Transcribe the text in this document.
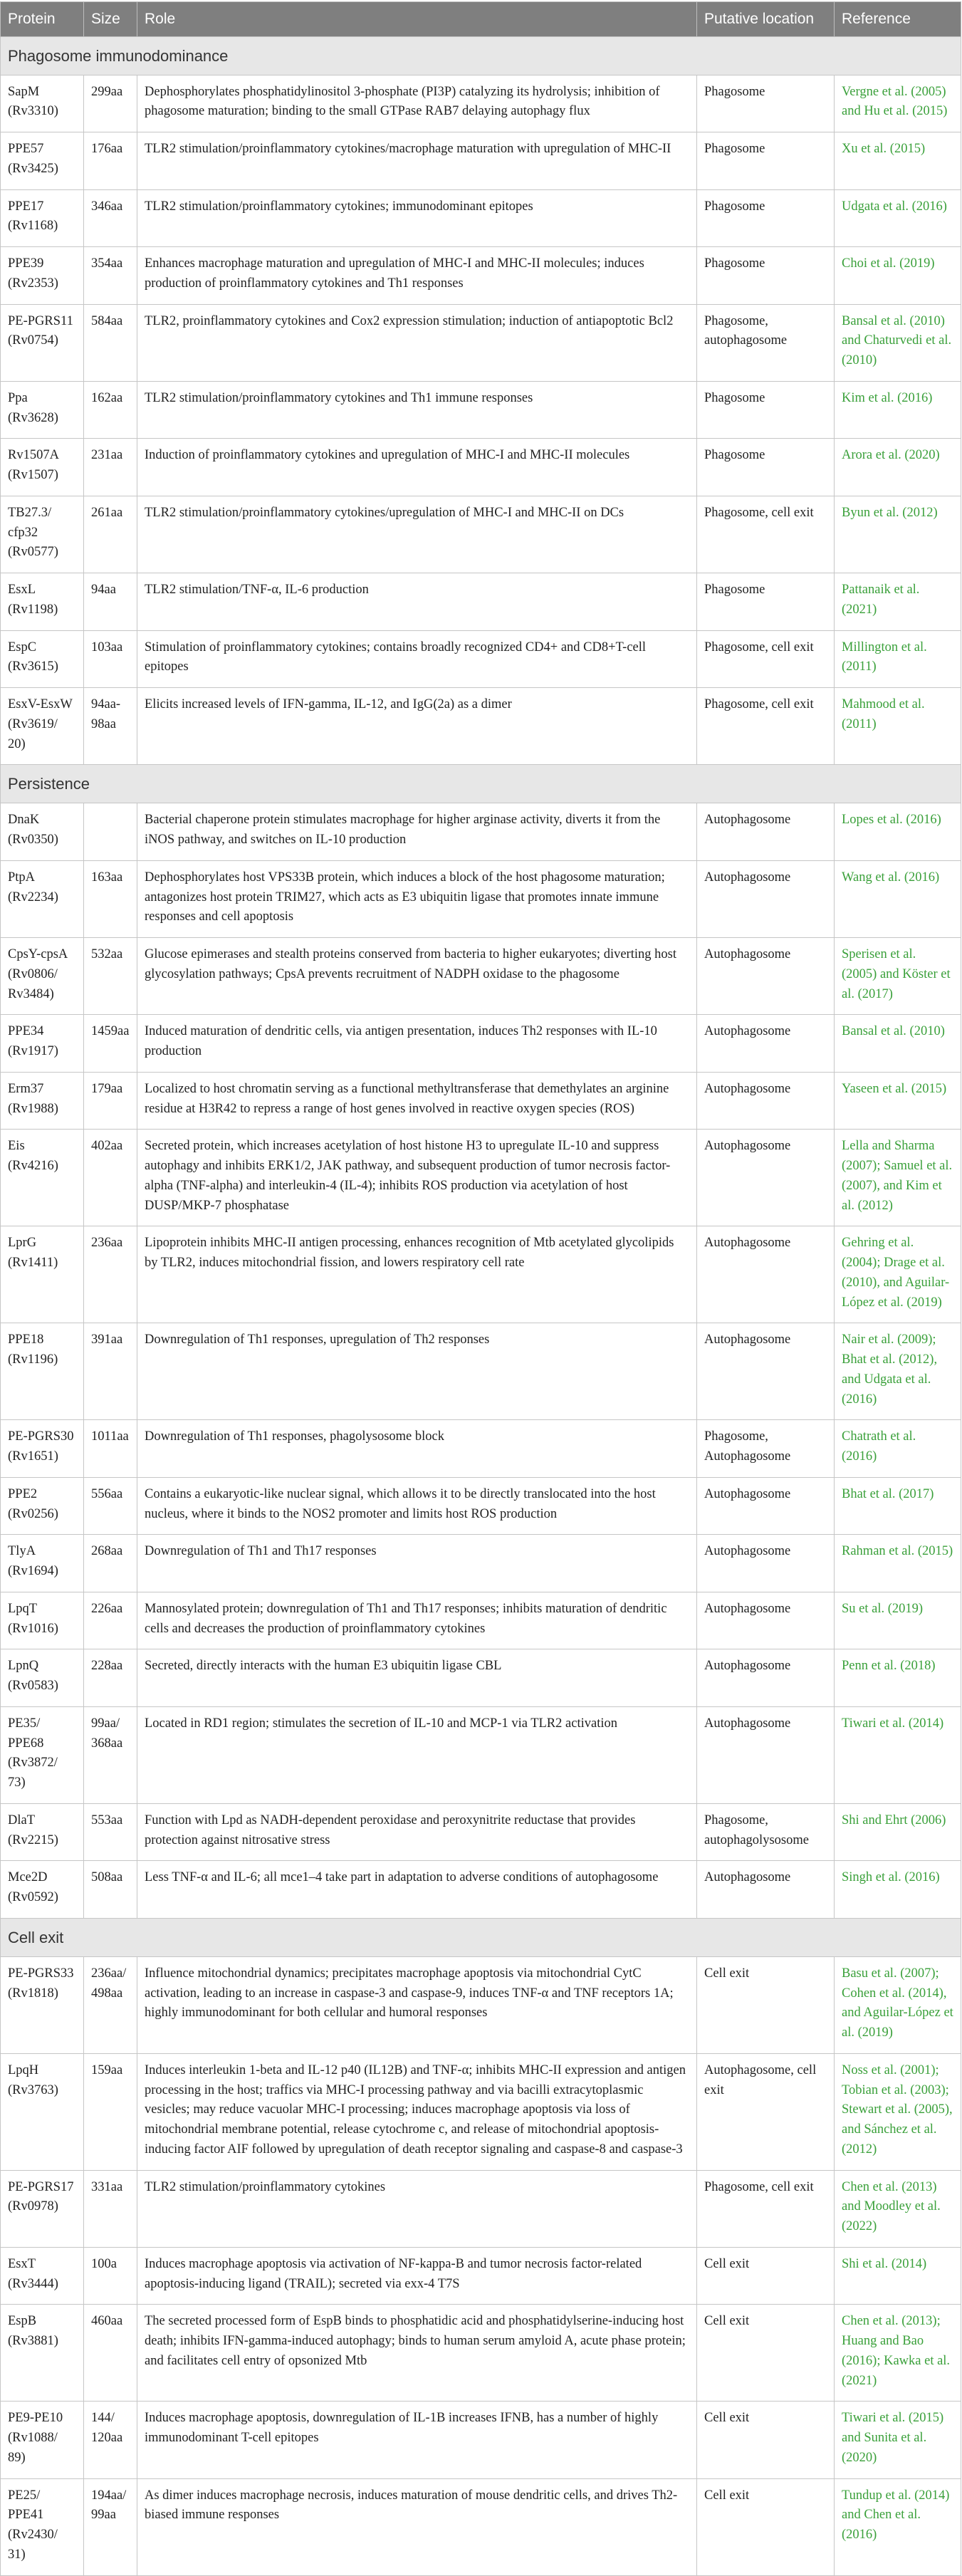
Protein	Size	Role	Putative location	Reference
Phagosome immunodominance				
SapM (Rv3310)	299aa	Dephosphorylates phosphatidylinositol 3-phosphate (PI3P) catalyzing its hydrolysis; inhibition of phagosome maturation; binding to the small GTPase RAB7 delaying autophagy flux	Phagosome	Vergne et al. (2005) and Hu et al. (2015)
PPE57 (Rv3425)	176aa	TLR2 stimulation/proinflammatory cytokines/macrophage maturation with upregulation of MHC-II	Phagosome	Xu et al. (2015)
PPE17 (Rv1168)	346aa	TLR2 stimulation/proinflammatory cytokines; immunodominant epitopes	Phagosome	Udgata et al. (2016)
PPE39 (Rv2353)	354aa	Enhances macrophage maturation and upregulation of MHC-I and MHC-II molecules; induces production of proinflammatory cytokines and Th1 responses	Phagosome	Choi et al. (2019)
PE-PGRS11 (Rv0754)	584aa	TLR2, proinflammatory cytokines and Cox2 expression stimulation; induction of antiapoptotic Bcl2	Phagosome, autophagosome	Bansal et al. (2010) and Chaturvedi et al. (2010)
Ppa (Rv3628)	162aa	TLR2 stimulation/proinflammatory cytokines and Th1 immune responses	Phagosome	Kim et al. (2016)
Rv1507A (Rv1507)	231aa	Induction of proinflammatory cytokines and upregulation of MHC-I and MHC-II molecules	Phagosome	Arora et al. (2020)
TB27.3/ cfp32 (Rv0577)	261aa	TLR2 stimulation/proinflammatory cytokines/upregulation of MHC-I and MHC-II on DCs	Phagosome, cell exit	Byun et al. (2012)
EsxL (Rv1198)	94aa	TLR2 stimulation/TNF-α, IL-6 production	Phagosome	Pattanaik et al. (2021)
EspC (Rv3615)	103aa	Stimulation of proinflammatory cytokines; contains broadly recognized CD4+ and CD8+T-cell epitopes	Phagosome, cell exit	Millington et al. (2011)
EsxV-EsxW (Rv3619/ 20)	94aa-98aa	Elicits increased levels of IFN-gamma, IL-12, and IgG(2a) as a dimer	Phagosome, cell exit	Mahmood et al. (2011)
Persistence				
DnaK (Rv0350)		Bacterial chaperone protein stimulates macrophage for higher arginase activity, diverts it from the iNOS pathway, and switches on IL-10 production	Autophagosome	Lopes et al. (2016)
PtpA (Rv2234)	163aa	Dephosphorylates host VPS33B protein, which induces a block of the host phagosome maturation; antagonizes host protein TRIM27, which acts as E3 ubiquitin ligase that promotes innate immune responses and cell apoptosis	Autophagosome	Wang et al. (2016)
CpsY-cpsA (Rv0806/ Rv3484)	532aa	Glucose epimerases and stealth proteins conserved from bacteria to higher eukaryotes; diverting host glycosylation pathways; CpsA prevents recruitment of NADPH oxidase to the phagosome	Autophagosome	Sperisen et al. (2005) and Köster et al. (2017)
PPE34 (Rv1917)	1459aa	Induced maturation of dendritic cells, via antigen presentation, induces Th2 responses with IL-10 production	Autophagosome	Bansal et al. (2010)
Erm37 (Rv1988)	179aa	Localized to host chromatin serving as a functional methyltransferase that demethylates an arginine residue at H3R42 to repress a range of host genes involved in reactive oxygen species (ROS)	Autophagosome	Yaseen et al. (2015)
Eis (Rv4216)	402aa	Secreted protein, which increases acetylation of host histone H3 to upregulate IL-10 and suppress autophagy and inhibits ERK1/2, JAK pathway, and subsequent production of tumor necrosis factor-alpha (TNF-alpha) and interleukin-4 (IL-4); inhibits ROS production via acetylation of host DUSP/MKP-7 phosphatase	Autophagosome	Lella and Sharma (2007); Samuel et al. (2007), and Kim et al. (2012)
LprG (Rv1411)	236aa	Lipoprotein inhibits MHC-II antigen processing, enhances recognition of Mtb acetylated glycolipids by TLR2, induces mitochondrial fission, and lowers respiratory cell rate	Autophagosome	Gehring et al. (2004); Drage et al. (2010), and Aguilar-López et al. (2019)
PPE18 (Rv1196)	391aa	Downregulation of Th1 responses, upregulation of Th2 responses	Autophagosome	Nair et al. (2009); Bhat et al. (2012), and Udgata et al. (2016)
PE-PGRS30 (Rv1651)	1011aa	Downregulation of Th1 responses, phagolysosome block	Phagosome, Autophagosome	Chatrath et al. (2016)
PPE2 (Rv0256)	556aa	Contains a eukaryotic-like nuclear signal, which allows it to be directly translocated into the host nucleus, where it binds to the NOS2 promoter and limits host ROS production	Autophagosome	Bhat et al. (2017)
TlyA (Rv1694)	268aa	Downregulation of Th1 and Th17 responses	Autophagosome	Rahman et al. (2015)
LpqT (Rv1016)	226aa	Mannosylated protein; downregulation of Th1 and Th17 responses; inhibits maturation of dendritic cells and decreases the production of proinflammatory cytokines	Autophagosome	Su et al. (2019)
LpnQ (Rv0583)	228aa	Secreted, directly interacts with the human E3 ubiquitin ligase CBL	Autophagosome	Penn et al. (2018)
PE35/ PPE68 (Rv3872/ 73)	99aa/ 368aa	Located in RD1 region; stimulates the secretion of IL-10 and MCP-1 via TLR2 activation	Autophagosome	Tiwari et al. (2014)
DlaT (Rv2215)	553aa	Function with Lpd as NADH-dependent peroxidase and peroxynitrite reductase that provides protection against nitrosative stress	Phagosome, autophagolysosome	Shi and Ehrt (2006)
Mce2D (Rv0592)	508aa	Less TNF-α and IL-6; all mce1–4 take part in adaptation to adverse conditions of autophagosome	Autophagosome	Singh et al. (2016)
Cell exit				
PE-PGRS33 (Rv1818)	236aa/ 498aa	Influence mitochondrial dynamics; precipitates macrophage apoptosis via mitochondrial CytC activation, leading to an increase in caspase-3 and caspase-9, induces TNF-α and TNF receptors 1A; highly immunodominant for both cellular and humoral responses	Cell exit	Basu et al. (2007); Cohen et al. (2014), and Aguilar-López et al. (2019)
LpqH (Rv3763)	159aa	Induces interleukin 1-beta and IL-12 p40 (IL12B) and TNF-α; inhibits MHC-II expression and antigen processing in the host; traffics via MHC-I processing pathway and via bacilli extracytoplasmic vesicles; may reduce vacuolar MHC-I processing; induces macrophage apoptosis via loss of mitochondrial membrane potential, release cytochrome c, and release of mitochondrial apoptosis-inducing factor AIF followed by upregulation of death receptor signaling and caspase-8 and caspase-3	Autophagosome, cell exit	Noss et al. (2001); Tobian et al. (2003); Stewart et al. (2005), and Sánchez et al. (2012)
PE-PGRS17 (Rv0978)	331aa	TLR2 stimulation/proinflammatory cytokines	Phagosome, cell exit	Chen et al. (2013) and Moodley et al. (2022)
EsxT (Rv3444)	100a	Induces macrophage apoptosis via activation of NF-kappa-B and tumor necrosis factor-related apoptosis-inducing ligand (TRAIL); secreted via exx-4 T7S	Cell exit	Shi et al. (2014)
EspB (Rv3881)	460aa	The secreted processed form of EspB binds to phosphatidic acid and phosphatidylserine-inducing host death; inhibits IFN-gamma-induced autophagy; binds to human serum amyloid A, acute phase protein; and facilitates cell entry of opsonized Mtb	Cell exit	Chen et al. (2013); Huang and Bao (2016); Kawka et al. (2021)
PE9-PE10 (Rv1088/ 89)	144/ 120aa	Induces macrophage apoptosis, downregulation of IL-1B increases IFNB, has a number of highly immunodominant T-cell epitopes	Cell exit	Tiwari et al. (2015) and Sunita et al. (2020)
PE25/ PPE41 (Rv2430/ 31)	194aa/ 99aa	As dimer induces macrophage necrosis, induces maturation of mouse dendritic cells, and drives Th2-biased immune responses	Cell exit	Tundup et al. (2014) and Chen et al. (2016)
